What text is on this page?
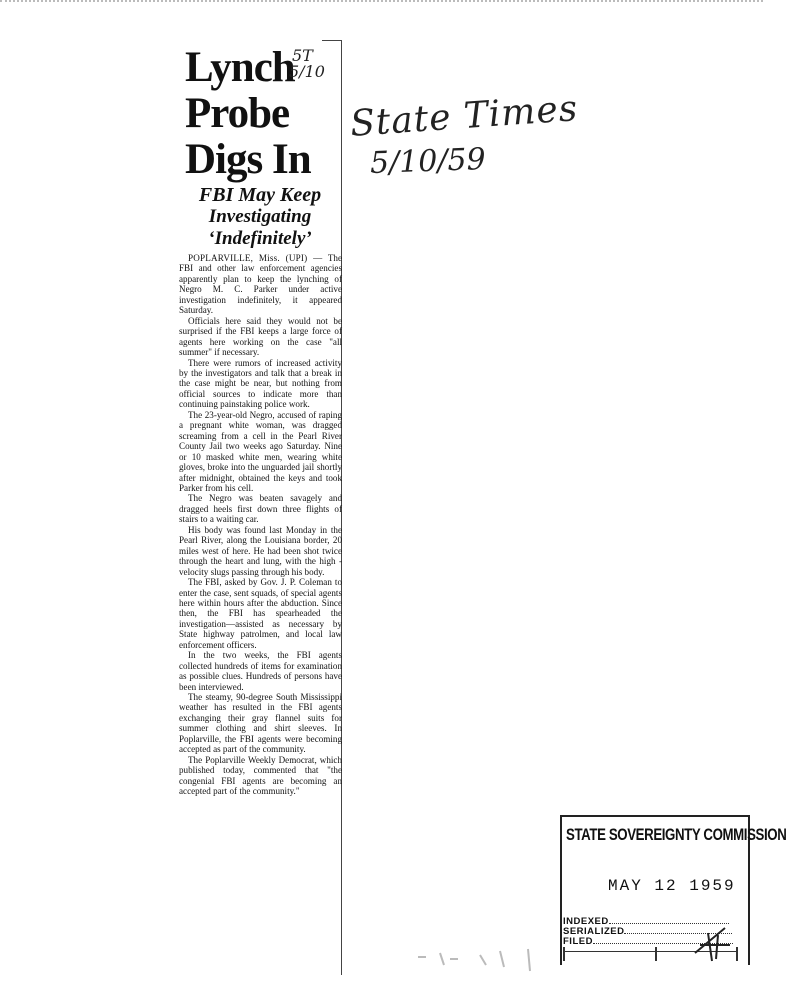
Lynch
Probe
Digs In
FBI May Keep
Investigating
‘Indefinitely’
5T
5/10
State Times
5/10/59

POPLARVILLE, Miss. (UPI) — The FBI and other law enforcement agencies apparently plan to keep the lynching of Negro M. C. Parker under active investigation indefinitely, it appeared Saturday.

Officials here said they would not be surprised if the FBI keeps a large force of agents here working on the case "all summer" if necessary.

There were rumors of increased activity by the investigators and talk that a break in the case might be near, but nothing from official sources to indicate more than continuing painstaking police work.

The 23-year-old Negro, accused of raping a pregnant white woman, was dragged screaming from a cell in the Pearl River County Jail two weeks ago Saturday. Nine or 10 masked white men, wearing white gloves, broke into the unguarded jail shortly after midnight, obtained the keys and took Parker from his cell.

The Negro was beaten savagely and dragged heels first down three flights of stairs to a waiting car.

His body was found last Monday in the Pearl River, along the Louisiana border, 20 miles west of here. He had been shot twice through the heart and lung, with the high - velocity slugs passing through his body.

The FBI, asked by Gov. J. P. Coleman to enter the case, sent squads, of special agents here within hours after the abduction. Since then, the FBI has spearheaded the investigation—assisted as necessary by State highway patrolmen, and local law enforcement officers.

In the two weeks, the FBI agents collected hundreds of items for examination as possible clues. Hundreds of persons have been interviewed.

The steamy, 90-degree South Mississippi weather has resulted in the FBI agents exchanging their gray flannel suits for summer clothing and shirt sleeves. In Poplarville, the FBI agents were becoming accepted as part of the community.

The Poplarville Weekly Democrat, which published today, commented that "the congenial FBI agents are becoming an accepted part of the community."

STATE SOVEREIGNTY COMMISSION
MAY 12 1959
INDEXED
SERIALIZED
FILED
